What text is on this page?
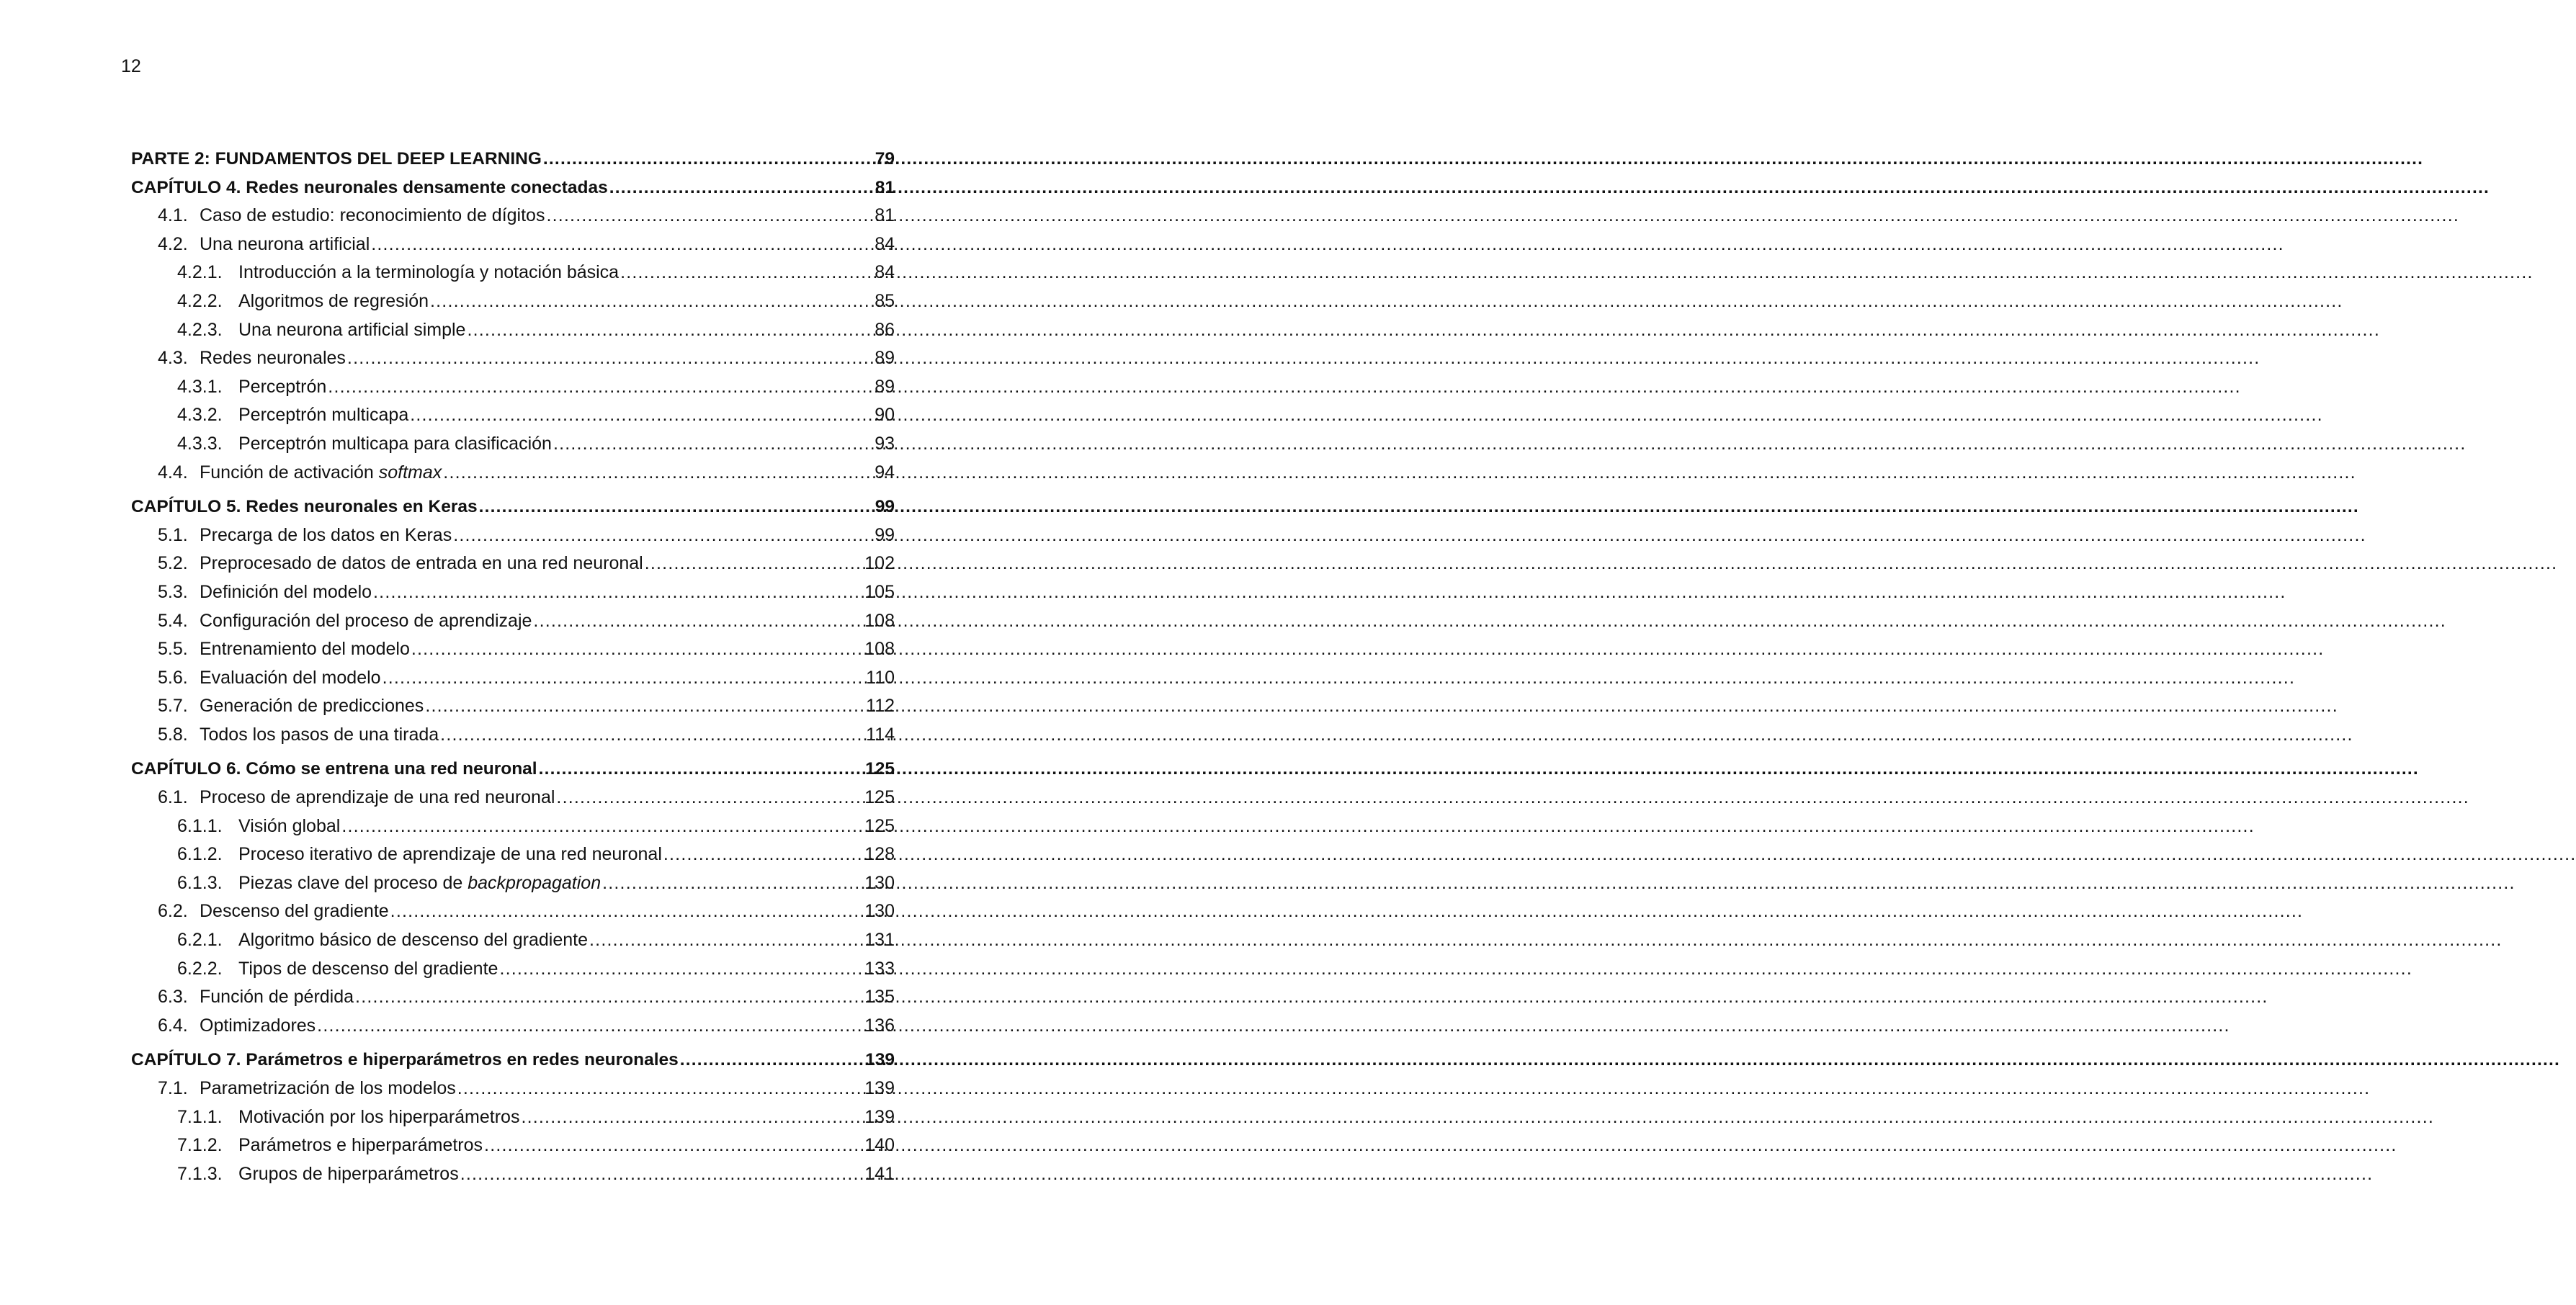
12
PARTE 2: FUNDAMENTOS DEL DEEP LEARNING .....	79
CAPÍTULO 4. Redes neuronales densamente conectadas .....	81
4.1. Caso de estudio: reconocimiento de dígitos .....	81
4.2. Una neurona artificial .....	84
4.2.1. Introducción a la terminología y notación básica .....	84
4.2.2. Algoritmos de regresión .....	85
4.2.3. Una neurona artificial simple .....	86
4.3. Redes neuronales .....	89
4.3.1. Perceptrón .....	89
4.3.2. Perceptrón multicapa .....	90
4.3.3. Perceptrón multicapa para clasificación .....	93
4.4. Función de activación softmax .....	94
CAPÍTULO 5. Redes neuronales en Keras .....	99
5.1. Precarga de los datos en Keras .....	99
5.2. Preprocesado de datos de entrada en una red neuronal .....	102
5.3. Definición del modelo .....	105
5.4. Configuración del proceso de aprendizaje .....	108
5.5. Entrenamiento del modelo .....	108
5.6. Evaluación del modelo .....	110
5.7. Generación de predicciones .....	112
5.8. Todos los pasos de una tirada .....	114
CAPÍTULO 6. Cómo se entrena una red neuronal .....	125
6.1. Proceso de aprendizaje de una red neuronal .....	125
6.1.1. Visión global .....	125
6.1.2. Proceso iterativo de aprendizaje de una red neuronal .....	128
6.1.3. Piezas clave del proceso de backpropagation .....	130
6.2. Descenso del gradiente .....	130
6.2.1. Algoritmo básico de descenso del gradiente .....	131
6.2.2. Tipos de descenso del gradiente .....	133
6.3. Función de pérdida .....	135
6.4. Optimizadores .....	136
CAPÍTULO 7. Parámetros e hiperparámetros en redes neuronales .....	139
7.1. Parametrización de los modelos .....	139
7.1.1. Motivación por los hiperparámetros .....	139
7.1.2. Parámetros e hiperparámetros .....	140
7.1.3. Grupos de hiperparámetros .....	141
